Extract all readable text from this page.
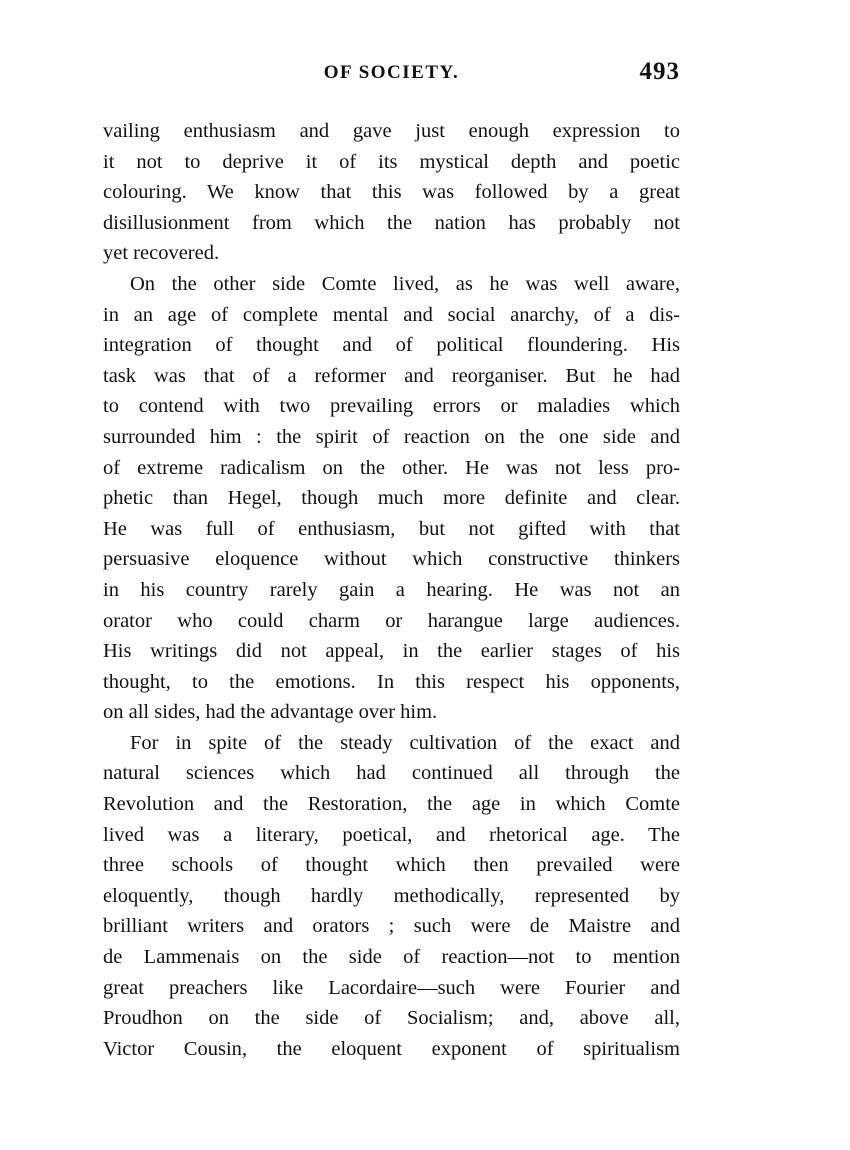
OF SOCIETY.	493
vailing enthusiasm and gave just enough expression to
it not to deprive it of its mystical depth and poetic
colouring. We know that this was followed by a great
disillusionment from which the nation has probably not
yet recovered.
On the other side Comte lived, as he was well aware,
in an age of complete mental and social anarchy, of a dis-
integration of thought and of political floundering. His
task was that of a reformer and reorganiser. But he had
to contend with two prevailing errors or maladies which
surrounded him : the spirit of reaction on the one side and
of extreme radicalism on the other. He was not less pro-
phetic than Hegel, though much more definite and clear.
He was full of enthusiasm, but not gifted with that
persuasive eloquence without which constructive thinkers
in his country rarely gain a hearing. He was not an
orator who could charm or harangue large audiences.
His writings did not appeal, in the earlier stages of his
thought, to the emotions. In this respect his opponents,
on all sides, had the advantage over him.
For in spite of the steady cultivation of the exact and
natural sciences which had continued all through the
Revolution and the Restoration, the age in which Comte
lived was a literary, poetical, and rhetorical age. The
three schools of thought which then prevailed were
eloquently, though hardly methodically, represented by
brilliant writers and orators ; such were de Maistre and
de Lammenais on the side of reaction—not to mention
great preachers like Lacordaire—such were Fourier and
Proudhon on the side of Socialism; and, above all,
Victor Cousin, the eloquent exponent of spiritualism
